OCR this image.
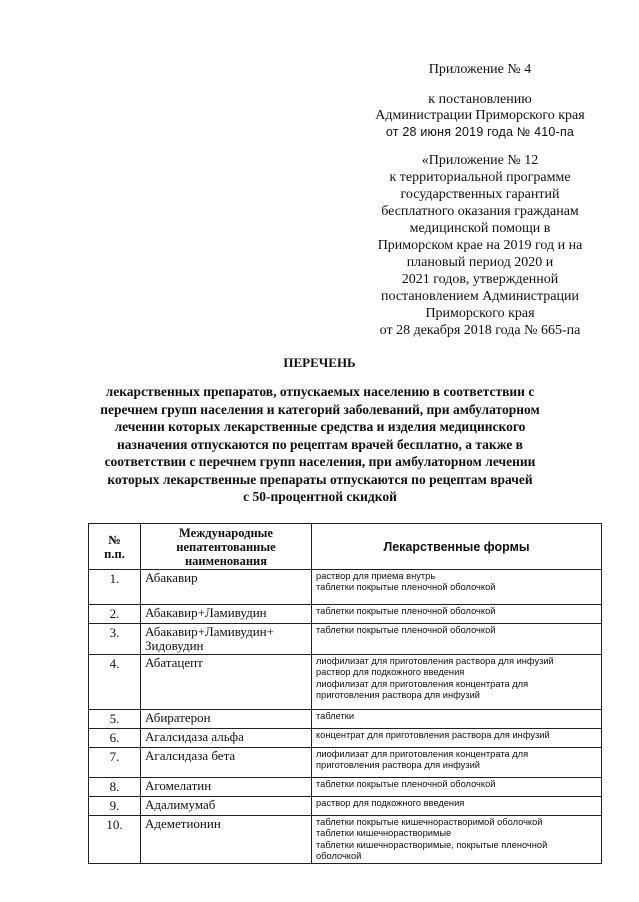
Приложение № 4
к постановлению
Администрации Приморского края
от 28 июня 2019 года № 410-па
«Приложение № 12
к территориальной программе
государственных гарантий
бесплатного оказания гражданам
медицинской помощи в
Приморском крае на 2019 год и на
плановый период 2020 и
2021 годов, утвержденной
постановлением Администрации
Приморского края
от 28 декабря 2018 года № 665-па
ПЕРЕЧЕНЬ
лекарственных препаратов, отпускаемых населению в соответствии с
перечнем групп населения и категорий заболеваний, при амбулаторном
лечении которых лекарственные средства и изделия медицинского
назначения отпускаются по рецептам врачей бесплатно, а также в
соответствии с перечнем групп населения, при амбулаторном лечении
которых лекарственные препараты отпускаются по рецептам врачей
с 50-процентной скидкой
№
п.п.	Международные непатентованные наименования	Лекарственные формы
1.	Абакавир	раствор для приема внутрь
таблетки покрытые пленочной оболочкой

2.	Абакавир+Ламивудин	таблетки покрытые пленочной оболочкой

3.	Абакавир+Ламивудин+ Зидовудин	таблетки покрытые пленочной оболочкой

4.	Абатацепт	лиофилизат для приготовления раствора для инфузий
раствор для подкожного введения
лиофилизат для приготовления концентрата для
приготовления раствора для инфузий

5.	Абиратерон	таблетки

6.	Агалсидаза альфа	концентрат для приготовления раствора для инфузий

7.	Агалсидаза бета	лиофилизат для приготовления концентрата для
приготовления раствора для инфузий

8.	Агомелатин	таблетки покрытые пленочной оболочкой

9.	Адалимумаб	раствор для подкожного введения

10.	Адеметионин	таблетки покрытые кишечнорастворимой оболочкой
таблетки кишечнорастворимые
таблетки кишечнорастворимые, покрытые пленочной
оболочкой
